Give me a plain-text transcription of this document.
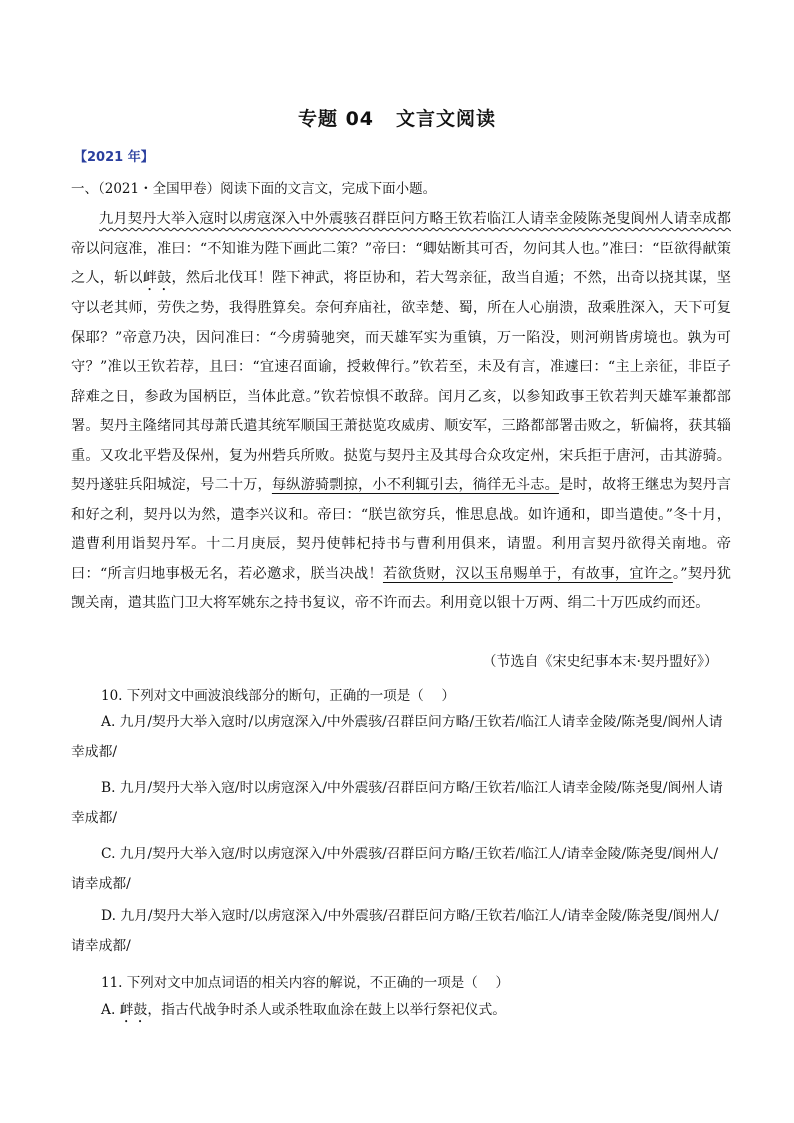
专题 04 文言文阅读
【2021 年】
一、（2021・全国甲卷）阅读下面的文言文，完成下面小题。
九月契丹大举入寇时以虏寇深入中外震骇召群臣问方略王钦若临江人请幸金陵陈尧叟阆州人请幸成都帝以问寇准，准曰：“不知谁为陛下画此二策？”帝曰：“卿姑断其可否，勿问其人也。”准曰：“臣欲得献策之人，斩以衅鼓，然后北伐耳！陛下神武，将臣协和，若大驾亲征，敌当自遁；不然，出奇以挠其谋，坚守以老其师，劳佚之势，我得胜算矣。奈何弃庙社，欲幸楚、蜀，所在人心崩溃，敌乘胜深入，天下可复保耶？”帝意乃决，因问准曰：“今虏骑驰突，而天雄军实为重镇，万一陷没，则河朔皆虏境也。孰为可守？”准以王钦若荐，且曰：“宜速召面谕，授敕俾行。”钦若至，未及有言，准遽曰：“主上亲征，非臣子辞难之日，参政为国柄臣，当体此意。”钦若惊惧不敢辞。闰月乙亥，以参知政事王钦若判天雄军兼都部署。契丹主隆绪同其母萧氏遣其统军顺国王萧挞览攻威虏、顺安军，三路都部署击败之，斩偏将，获其辎重。又攻北平砦及保州，复为州砦兵所败。挞览与契丹主及其母合众攻定州，宋兵拒于唐河，击其游骑。契丹遂驻兵阳城淀，号二十万，每纵游骑剽掠，小不利辄引去，徜徉无斗志。是时，故将王继忠为契丹言和好之利，契丹以为然，遣李兴议和。帝曰：“朕岂欲穷兵，惟思息战。如许通和，即当遣使。”冬十月，遣曹利用诣契丹军。十二月庚辰，契丹使韩杞持书与曹利用俱来，请盟。利用言契丹欲得关南地。帝曰：“所言归地事极无名，若必邀求，朕当决战！若欲货财，汉以玉帛赐单于，有故事，宜许之。”契丹犹觊关南，遣其监门卫大将军姚东之持书复议，帝不许而去。利用竟以银十万两、绢二十万匹成约而还。
（节选自《宋史纪事本末·契丹盟好》）
10. 下列对文中画波浪线部分的断句，正确的一项是（　 ）
A. 九月/契丹大举入寇时/以虏寇深入/中外震骇/召群臣问方略/王钦若/临江人请幸金陵/陈尧叟/阆州人请幸成都/
B. 九月/契丹大举入寇/时以虏寇深入/中外震骇/召群臣问方略/王钦若/临江人请幸金陵/陈尧叟/阆州人请幸成都/
C. 九月/契丹大举入寇/时以虏寇深入/中外震骇/召群臣问方略/王钦若/临江人/请幸金陵/陈尧叟/阆州人/请幸成都/
D. 九月/契丹大举入寇时/以虏寇深入/中外震骇/召群臣问方略/王钦若/临江人/请幸金陵/陈尧叟/阆州人/请幸成都/
11. 下列对文中加点词语的相关内容的解说，不正确的一项是（　 ）
A. 衅鼓，指古代战争时杀人或杀牲取血涂在鼓上以举行祭祀仪式。
